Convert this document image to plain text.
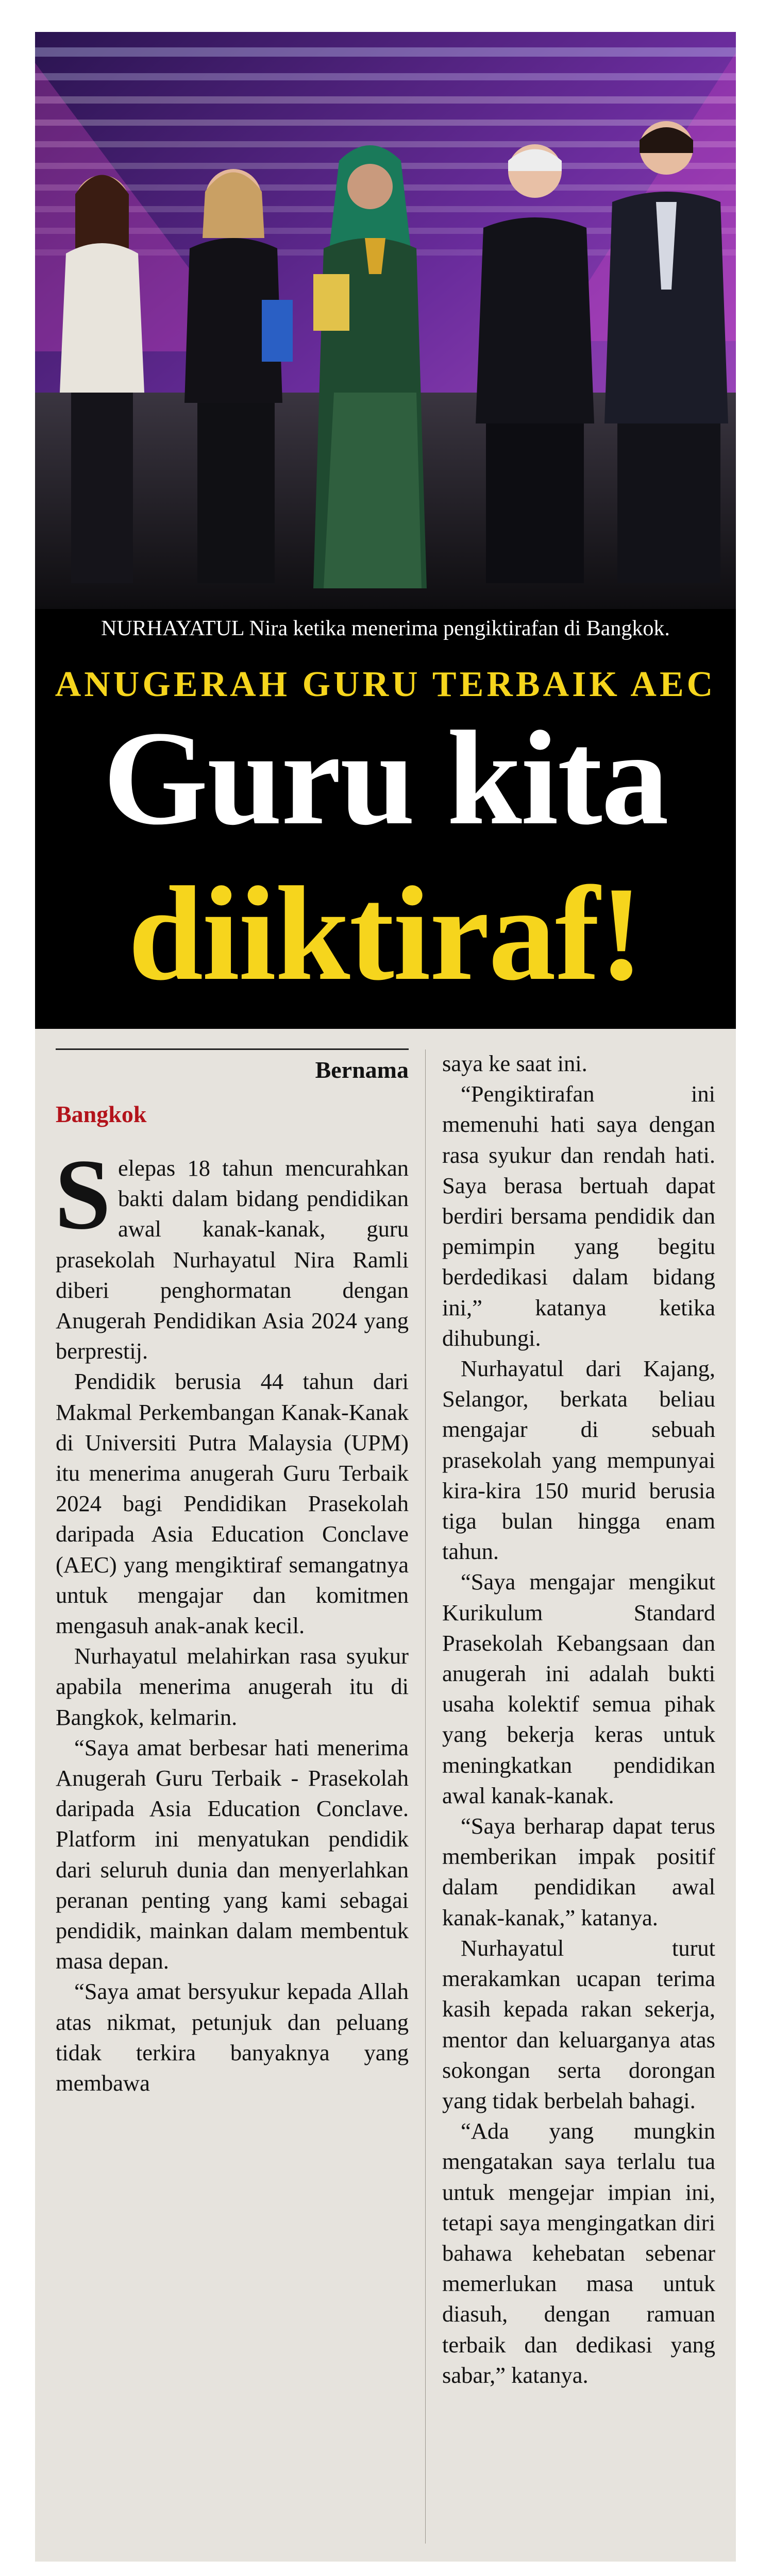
NURHAYATUL Nira ketika menerima pengiktirafan di Bangkok.
ANUGERAH GURU TERBAIK AEC
Guru kita
diiktiraf!

Bernama

Bangkok

Selepas 18 tahun mencurahkan bakti dalam bidang pendidikan awal kanak-kanak, guru prasekolah Nurhayatul Nira Ramli diberi penghormatan dengan Anugerah Pendidikan Asia 2024 yang berprestij.

Pendidik berusia 44 tahun dari Makmal Perkembangan Kanak-Kanak di Universiti Putra Malaysia (UPM) itu menerima anugerah Guru Terbaik 2024 bagi Pendidikan Prasekolah daripada Asia Education Conclave (AEC) yang mengiktiraf semangatnya untuk mengajar dan komitmen mengasuh anak-anak kecil.

Nurhayatul melahirkan rasa syukur apabila menerima anugerah itu di Bangkok, kelmarin.

“Saya amat berbesar hati menerima Anugerah Guru Terbaik - Prasekolah daripada Asia Education Conclave. Platform ini menyatukan pendidik dari seluruh dunia dan menyerlahkan peranan penting yang kami sebagai pendidik, mainkan dalam membentuk masa depan.

“Saya amat bersyukur kepada Allah atas nikmat, petunjuk dan peluang tidak terkira banyaknya yang membawa

saya ke saat ini.

“Pengiktirafan ini memenuhi hati saya dengan rasa syukur dan rendah hati. Saya berasa bertuah dapat berdiri bersama pendidik dan pemimpin yang begitu berdedikasi dalam bidang ini,” katanya ketika dihubungi.

Nurhayatul dari Kajang, Selangor, berkata beliau mengajar di sebuah prasekolah yang mempunyai kira-kira 150 murid berusia tiga bulan hingga enam tahun.

“Saya mengajar mengikut Kurikulum Standard Prasekolah Kebangsaan dan anugerah ini adalah bukti usaha kolektif semua pihak yang bekerja keras untuk meningkatkan pendidikan awal kanak-kanak.

“Saya berharap dapat terus memberikan impak positif dalam pendidikan awal kanak-kanak,” katanya.

Nurhayatul turut merakamkan ucapan terima kasih kepada rakan sekerja, mentor dan keluarganya atas sokongan serta dorongan yang tidak berbelah bahagi.

“Ada yang mungkin mengatakan saya terlalu tua untuk mengejar impian ini, tetapi saya mengingatkan diri bahawa kehebatan sebenar memerlukan masa untuk diasuh, dengan ramuan terbaik dan dedikasi yang sabar,” katanya.
